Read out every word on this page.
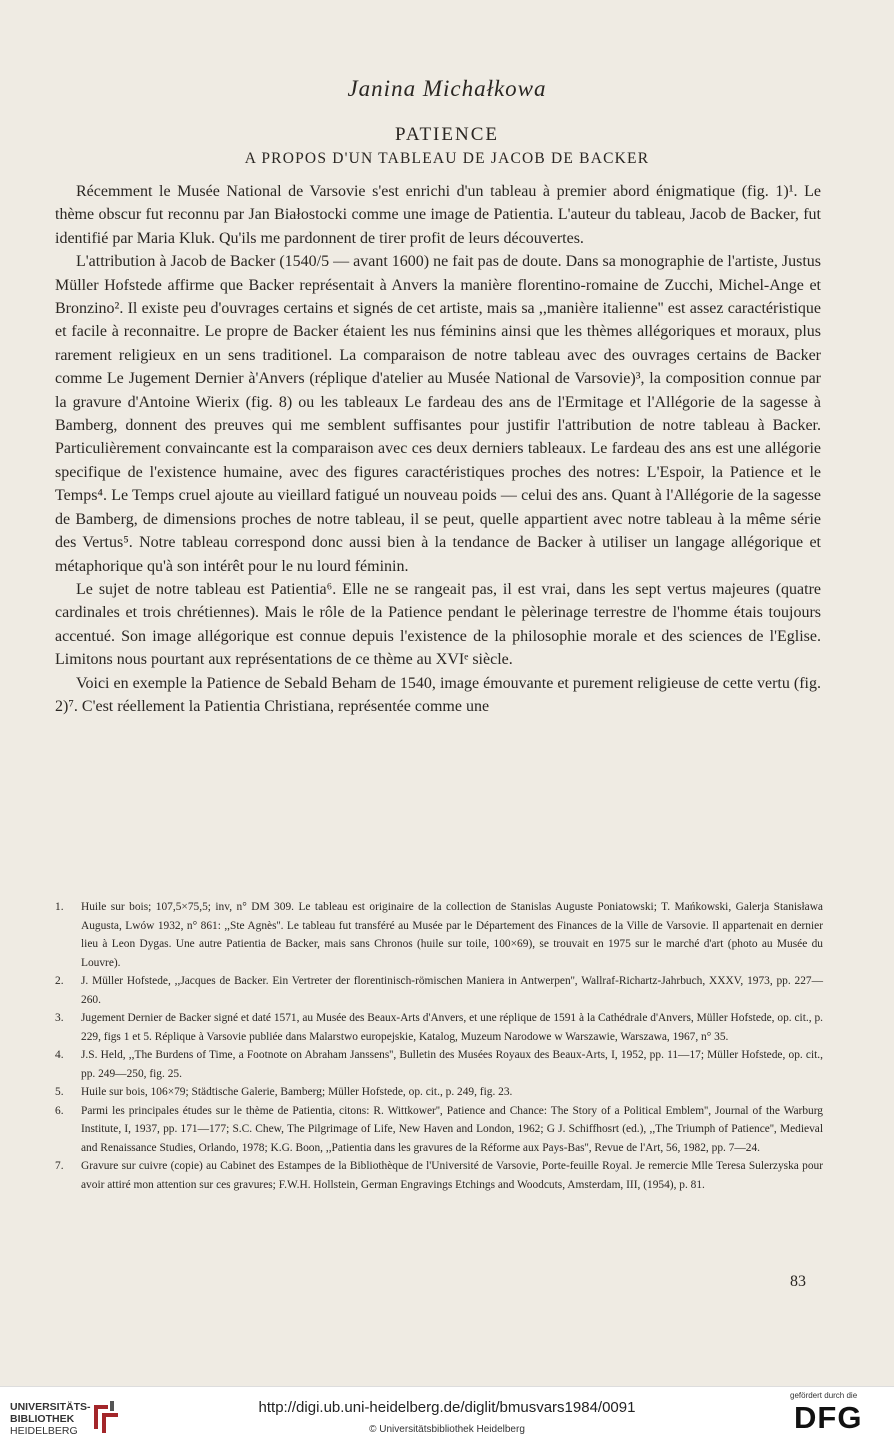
Janina Michałkowa
PATIENCE
A PROPOS D'UN TABLEAU DE JACOB DE BACKER

Récemment le Musée National de Varsovie s'est enrichi d'un tableau à premier abord énigmatique (fig. 1)¹. Le thème obscur fut reconnu par Jan Białostocki comme une image de Patientia. L'auteur du tableau, Jacob de Backer, fut identifié par Maria Kluk. Qu'ils me pardonnent de tirer profit de leurs découvertes.

L'attribution à Jacob de Backer (1540/5 — avant 1600) ne fait pas de doute. Dans sa monographie de l'artiste, Justus Müller Hofstede affirme que Backer représentait à Anvers la manière florentino-romaine de Zucchi, Michel-Ange et Bronzino². Il existe peu d'ouvrages certains et signés de cet artiste, mais sa ,,manière italienne'' est assez caractéristique et facile à reconnaitre. Le propre de Backer étaient les nus féminins ainsi que les thèmes allégoriques et moraux, plus rarement religieux en un sens traditionel. La comparaison de notre tableau avec des ouvrages certains de Backer comme Le Jugement Dernier à'Anvers (réplique d'atelier au Musée National de Varsovie)³, la composition connue par la gravure d'Antoine Wierix (fig. 8) ou les tableaux Le fardeau des ans de l'Ermitage et l'Allégorie de la sagesse à Bamberg, donnent des preuves qui me semblent suffisantes pour justifir l'attribution de notre tableau à Backer. Particulièrement convaincante est la comparaison avec ces deux derniers tableaux. Le fardeau des ans est une allégorie specifique de l'existence humaine, avec des figures caractéristiques proches des notres: L'Espoir, la Patience et le Temps⁴. Le Temps cruel ajoute au vieillard fatigué un nouveau poids — celui des ans. Quant à l'Allégorie de la sagesse de Bamberg, de dimensions proches de notre tableau, il se peut, quelle appartient avec notre tableau à la même série des Vertus⁵. Notre tableau correspond donc aussi bien à la tendance de Backer à utiliser un langage allégorique et métaphorique qu'à son intérêt pour le nu lourd féminin.

Le sujet de notre tableau est Patientia⁶. Elle ne se rangeait pas, il est vrai, dans les sept vertus majeures (quatre cardinales et trois chrétiennes). Mais le rôle de la Patience pendant le pèlerinage terrestre de l'homme étais toujours accentué. Son image allégorique est connue depuis l'existence de la philosophie morale et des sciences de l'Eglise. Limitons nous pourtant aux représentations de ce thème au XVIᵉ siècle.

Voici en exemple la Patience de Sebald Beham de 1540, image émouvante et purement religieuse de cette vertu (fig. 2)⁷. C'est réellement la Patientia Christiana, représentée comme une

1.	Huile sur bois; 107,5×75,5; inv, n° DM 309. Le tableau est originaire de la collection de Stanislas Auguste Poniatowski; T. Mańkowski, Galerja Stanisława Augusta, Lwów 1932, n° 861: ,,Ste Agnès''. Le tableau fut transféré au Musée par le Département des Finances de la Ville de Varsovie. Il appartenait en dernier lieu à Leon Dygas. Une autre Patientia de Backer, mais sans Chronos (huile sur toile, 100×69), se trouvait en 1975 sur le marché d'art (photo au Musée du Louvre).
2.	J. Müller Hofstede, ,,Jacques de Backer. Ein Vertreter der florentinisch-römischen Maniera in Antwerpen'', Wallraf-Richartz-Jahrbuch, XXXV, 1973, pp. 227—260.
3.	Jugement Dernier de Backer signé et daté 1571, au Musée des Beaux-Arts d'Anvers, et une réplique de 1591 à la Cathédrale d'Anvers, Müller Hofstede, op. cit., p. 229, figs 1 et 5. Réplique à Varsovie publiée dans Malarstwo europejskie, Katalog, Muzeum Narodowe w Warszawie, Warszawa, 1967, n° 35.
4.	J.S. Held, ,,The Burdens of Time, a Footnote on Abraham Janssens'', Bulletin des Musées Royaux des Beaux-Arts, I, 1952, pp. 11—17; Müller Hofstede, op. cit., pp. 249—250, fig. 25.
5.	Huile sur bois, 106×79; Städtische Galerie, Bamberg; Müller Hofstede, op. cit., p. 249, fig. 23.
6.	Parmi les principales études sur le thème de Patientia, citons: R. Wittkower'', Patience and Chance: The Story of a Political Emblem'', Journal of the Warburg Institute, I, 1937, pp. 171—177; S.C. Chew, The Pilgrimage of Life, New Haven and London, 1962; G J. Schiffhosrt (ed.), ,,The Triumph of Patience'', Medieval and Renaissance Studies, Orlando, 1978; K.G. Boon, ,,Patientia dans les gravures de la Réforme aux Pays-Bas'', Revue de l'Art, 56, 1982, pp. 7—24.
7.	Gravure sur cuivre (copie) au Cabinet des Estampes de la Bibliothèque de l'Université de Varsovie, Porte-feuille Royal. Je remercie Mlle Teresa Sulerzyska pour avoir attiré mon attention sur ces gravures; F.W.H. Hollstein, German Engravings Etchings and Woodcuts, Amsterdam, III, (1954), p. 81.
83
UNIVERSITÄTS-
BIBLIOTHEK
HEIDELBERG
http://digi.ub.uni-heidelberg.de/diglit/bmusvars1984/0091
© Universitätsbibliothek Heidelberg
gefördert durch die
DFG
